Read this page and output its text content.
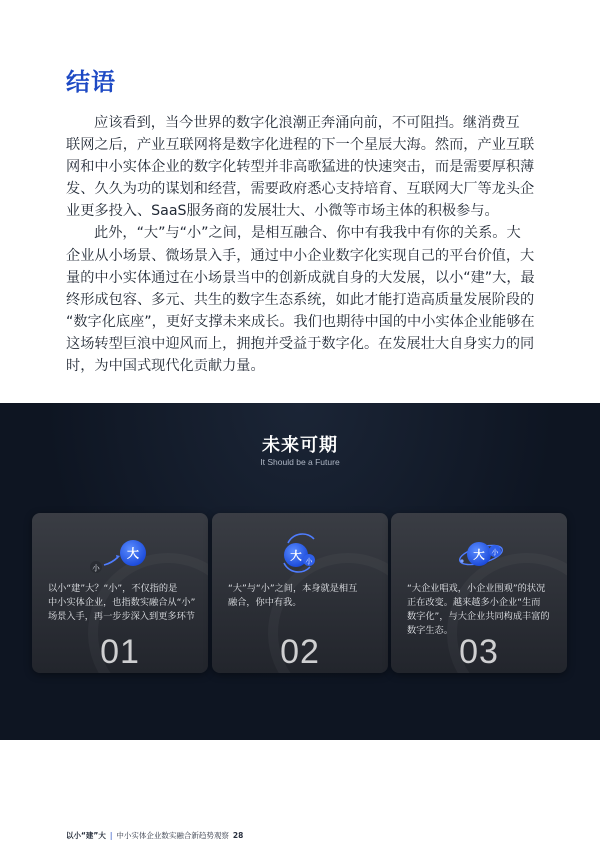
结语
应该看到，当今世界的数字化浪潮正奔涌向前，不可阻挡。继消费互
联网之后，产业互联网将是数字化进程的下一个星辰大海。然而，产业互联
网和中小实体企业的数字化转型并非高歌猛进的快速突击，而是需要厚积薄
发、久久为功的谋划和经营，需要政府悉心支持培育、互联网大厂等龙头企
业更多投入、SaaS服务商的发展壮大、小微等市场主体的积极参与。
此外，“大”与“小”之间，是相互融合、你中有我我中有你的关系。大
企业从小场景、微场景入手，通过中小企业数字化实现自己的平台价值，大
量的中小实体通过在小场景当中的创新成就自身的大发展，以小“建”大，最
终形成包容、多元、共生的数字生态系统，如此才能打造高质量发展阶段的
“数字化底座”，更好支撑未来成长。我们也期待中国的中小实体企业能够在
这场转型巨浪中迎风而上，拥抱并受益于数字化。在发展壮大自身实力的同
时，为中国式现代化贡献力量。
未来可期
It Should be a Future
小
大
以小“建”大？“小”，不仅指的是
中小实体企业，也指数实融合从“小”
场景入手，再一步步深入到更多环节
01
大 小
“大”与“小”之间，本身就是相互
融合，你中有我。
02
大 小
“大企业唱戏，小企业围观”的状况
正在改变。越来越多小企业“生而
数字化”，与大企业共同构成丰富的
数字生态。
03
以小“建”大 | 中小实体企业数实融合新趋势观察 28
